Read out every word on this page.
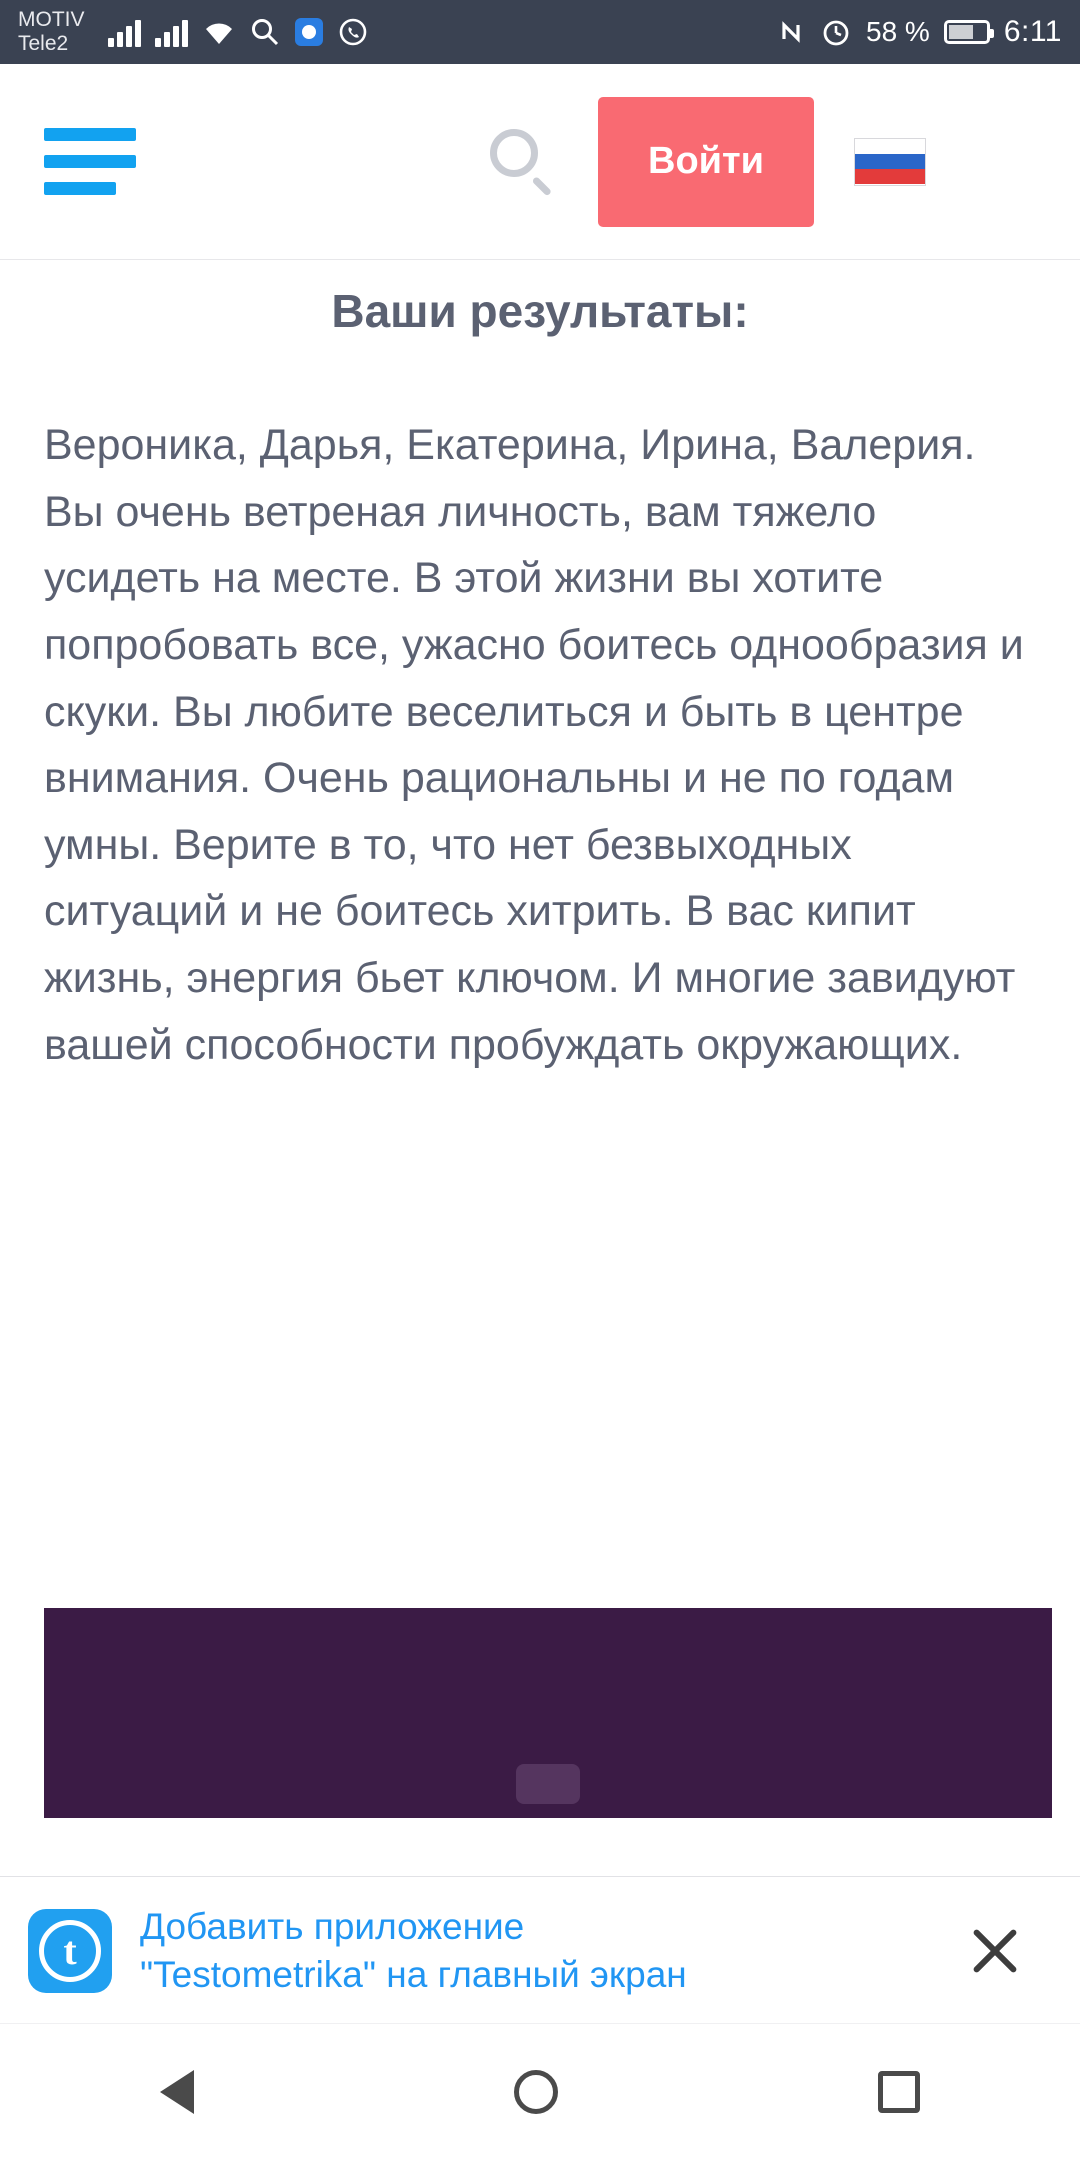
MOTIV
Tele2	58 % 6:11
Войти
Ваши результаты:

Вероника, Дарья, Екатерина, Ирина, Валерия. Вы очень ветреная личность, вам тяжело усидеть на месте. В этой жизни вы хотите попробовать все, ужасно боитесь однообразия и скуки. Вы любите веселиться и быть в центре внимания. Очень рациональны и не по годам умны. Верите в то, что нет безвыходных ситуаций и не боитесь хитрить. В вас кипит жизнь, энергия бьет ключом. И многие завидуют вашей способности пробуждать окружающих.

t
Добавить приложение
"Testometrika" на главный экран
